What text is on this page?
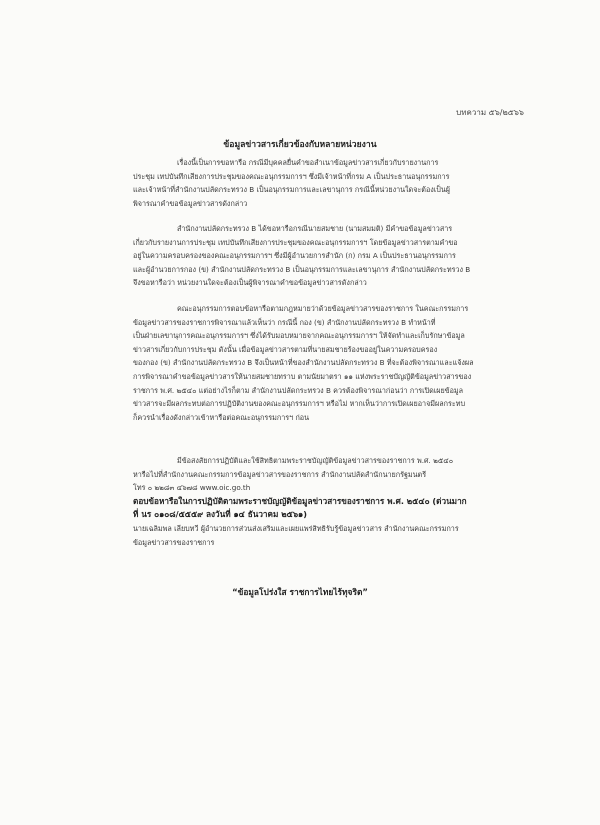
บทความ ๕๖/๒๕๖๖
ข้อมูลข่าวสารเกี่ยวข้องกับหลายหน่วยงาน
เรื่องนี้เป็นการขอหารือ กรณีมีบุคคลยื่นคำขอสำเนาข้อมูลข่าวสารเกี่ยวกับรายงานการ
ประชุม เทปบันทึกเสียงการประชุมของคณะอนุกรรมการฯ ซึ่งมีเจ้าหน้าที่กรม A เป็นประธานอนุกรรมการ
และเจ้าหน้าที่สำนักงานปลัดกระทรวง B เป็นอนุกรรมการและเลขานุการ กรณีนี้หน่วยงานใดจะต้องเป็นผู้
พิจารณาคำขอข้อมูลข่าวสารดังกล่าว
สำนักงานปลัดกระทรวง B ได้ขอหารือกรณีนายสมชาย (นามสมมติ) มีคำขอข้อมูลข่าวสาร
เกี่ยวกับรายงานการประชุม เทปบันทึกเสียงการประชุมของคณะอนุกรรมการฯ โดยข้อมูลข่าวสารตามคำขอ
อยู่ในความครอบครองของคณะอนุกรรมการฯ ซึ่งมีผู้อำนวยการสำนัก (ก) กรม A เป็นประธานอนุกรรมการ
และผู้อำนวยการกอง (ข) สำนักงานปลัดกระทรวง B เป็นอนุกรรมการและเลขานุการ สำนักงานปลัดกระทรวง B
จึงขอหารือว่า หน่วยงานใดจะต้องเป็นผู้พิจารณาคำขอข้อมูลข่าวสารดังกล่าว
คณะอนุกรรมการตอบข้อหารือตามกฎหมายว่าด้วยข้อมูลข่าวสารของราชการ ในคณะกรรมการ
ข้อมูลข่าวสารของราชการพิจารณาแล้วเห็นว่า กรณีนี้ กอง (ข) สำนักงานปลัดกระทรวง B ทำหน้าที่
เป็นฝ่ายเลขานุการคณะอนุกรรมการฯ ซึ่งได้รับมอบหมายจากคณะอนุกรรมการฯ ให้จัดทำและเก็บรักษาข้อมูล
ข่าวสารเกี่ยวกับการประชุม ดังนั้น เมื่อข้อมูลข่าวสารตามที่นายสมชายร้องขออยู่ในความครอบครอง
ของกอง (ข) สำนักงานปลัดกระทรวง B จึงเป็นหน้าที่ของสำนักงานปลัดกระทรวง B ที่จะต้องพิจารณาและแจ้งผล
การพิจารณาคำขอข้อมูลข่าวสารให้นายสมชายทราบ ตามนัยมาตรา ๑๑ แห่งพระราชบัญญัติข้อมูลข่าวสารของ
ราชการ พ.ศ. ๒๕๔๐ แต่อย่างไรก็ตาม สำนักงานปลัดกระทรวง B ควรต้องพิจารณาก่อนว่า การเปิดเผยข้อมูล
ข่าวสารจะมีผลกระทบต่อการปฏิบัติงานของคณะอนุกรรมการฯ หรือไม่ หากเห็นว่าการเปิดเผยอาจมีผลกระทบ
ก็ควรนำเรื่องดังกล่าวเข้าหารือต่อคณะอนุกรรมการฯ ก่อน
มีข้อสงสัยการปฏิบัติและใช้สิทธิตามพระราชบัญญัติข้อมูลข่าวสารของราชการ พ.ศ. ๒๕๔๐
หารือไปที่สำนักงานคณะกรรมการข้อมูลข่าวสารของราชการ สำนักงานปลัดสำนักนายกรัฐมนตรี
โทร ๐ ๒๒๘๓ ๔๖๗๘ www.oic.go.th
ตอบข้อหารือในการปฏิบัติตามพระราชบัญญัติข้อมูลข่าวสารของราชการ พ.ศ. ๒๕๔๐ (ด่วนมาก
ที่ นร ๐๑๐๘/๕๕๕๙ ลงวันที่ ๑๔ ธันวาคม ๒๕๖๑)
นายเฉลิมพล เลียบทวี ผู้อำนวยการส่วนส่งเสริมและเผยแพร่สิทธิรับรู้ข้อมูลข่าวสาร สำนักงานคณะกรรมการ
ข้อมูลข่าวสารของราชการ
“ข้อมูลโปร่งใส ราชการไทยไร้ทุจริต”
